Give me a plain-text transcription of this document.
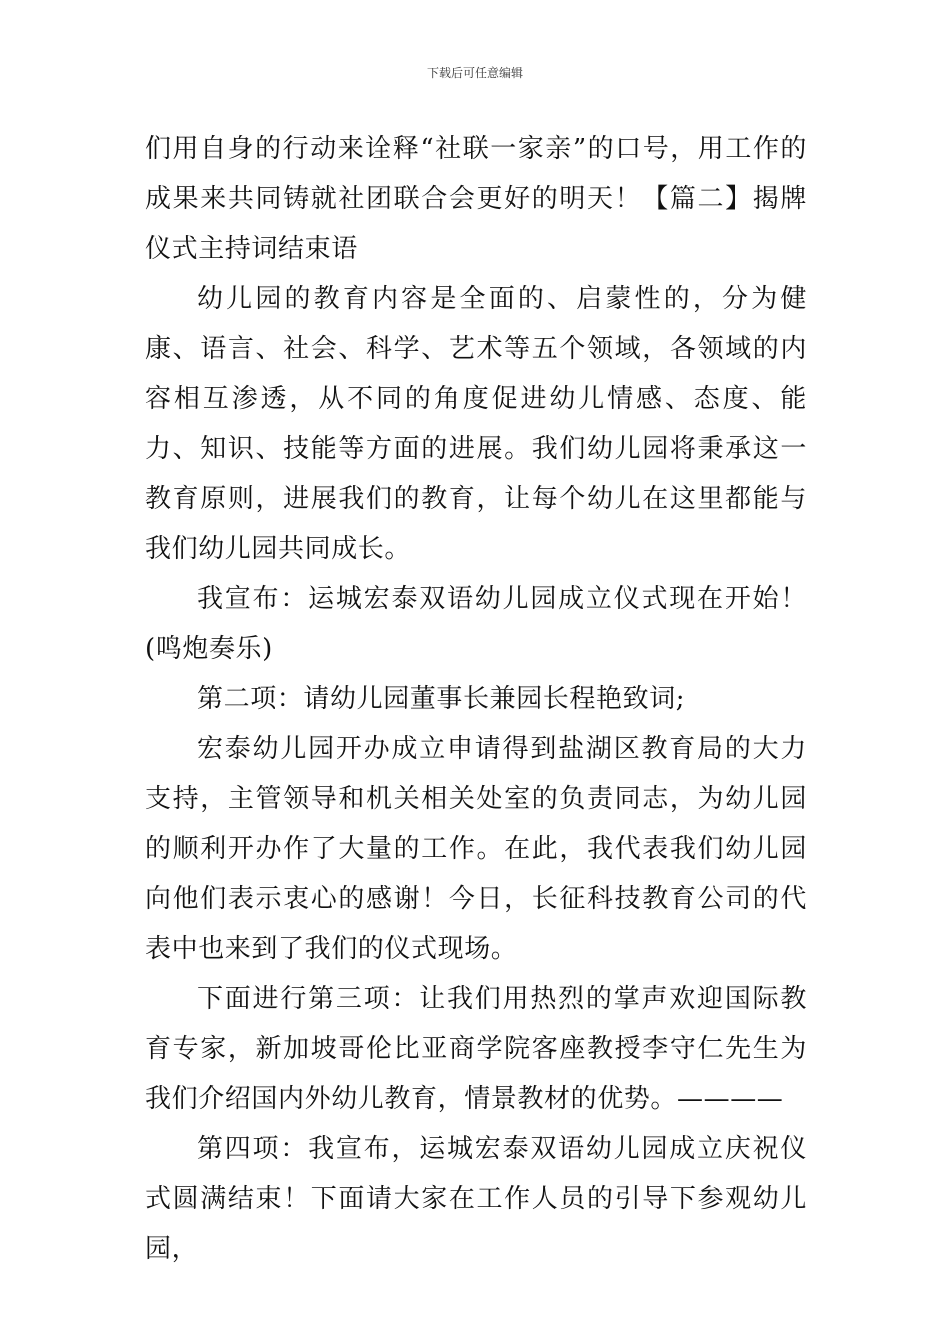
下载后可任意编辑

们用自身的行动来诠释“社联一家亲”的口号，用工作的成果来共同铸就社团联合会更好的明天！【篇二】揭牌仪式主持词结束语

幼儿园的教育内容是全面的、启蒙性的，分为健康、语言、社会、科学、艺术等五个领域，各领域的内容相互渗透，从不同的角度促进幼儿情感、态度、能力、知识、技能等方面的进展。我们幼儿园将秉承这一教育原则，进展我们的教育，让每个幼儿在这里都能与我们幼儿园共同成长。

我宣布：运城宏泰双语幼儿园成立仪式现在开始！(鸣炮奏乐)

第二项：请幼儿园董事长兼园长程艳致词;

宏泰幼儿园开办成立申请得到盐湖区教育局的大力支持，主管领导和机关相关处室的负责同志，为幼儿园的顺利开办作了大量的工作。在此，我代表我们幼儿园向他们表示衷心的感谢！今日，长征科技教育公司的代表中也来到了我们的仪式现场。

下面进行第三项：让我们用热烈的掌声欢迎国际教育专家，新加坡哥伦比亚商学院客座教授李守仁先生为我们介绍国内外幼儿教育，情景教材的优势。————

第四项：我宣布，运城宏泰双语幼儿园成立庆祝仪式圆满结束！下面请大家在工作人员的引导下参观幼儿园，
